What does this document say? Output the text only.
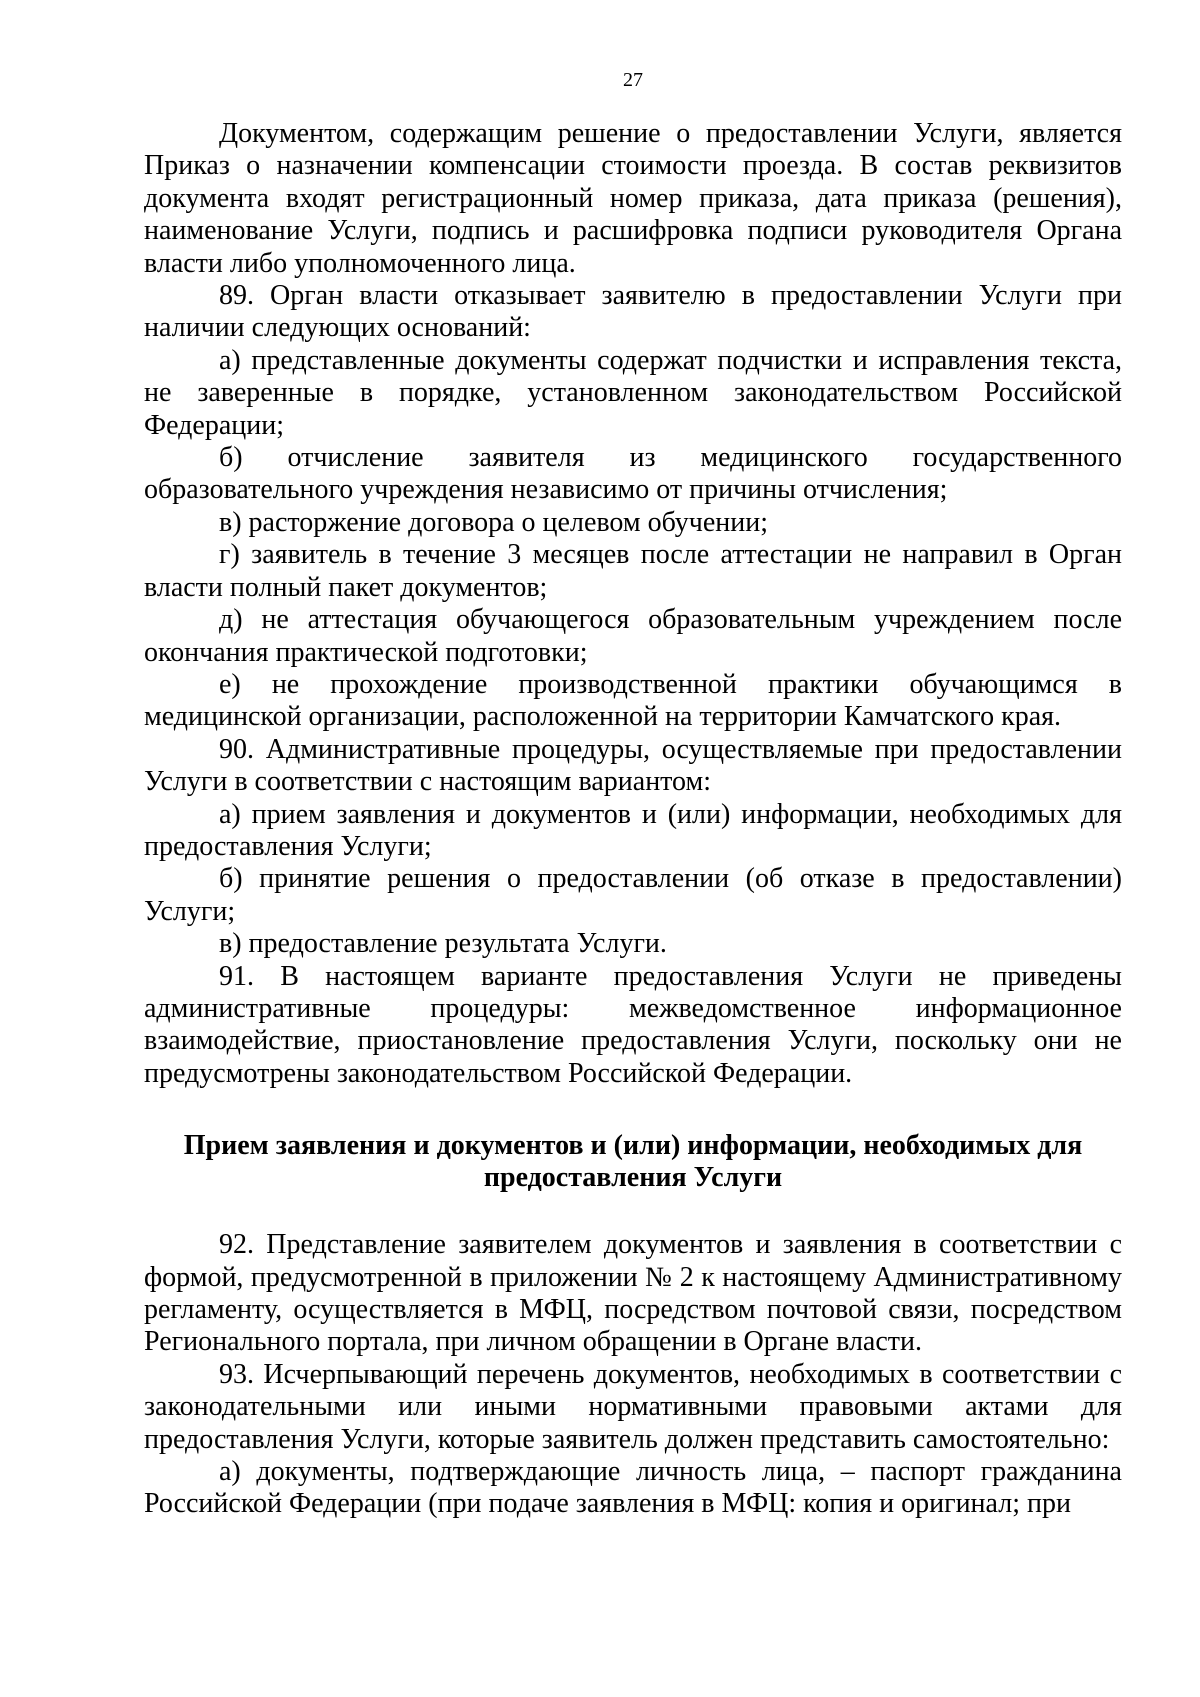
27

Документом, содержащим решение о предоставлении Услуги, является Приказ о назначении компенсации стоимости проезда. В состав реквизитов документа входят регистрационный номер приказа, дата приказа (решения), наименование Услуги, подпись и расшифровка подписи руководителя Органа власти либо уполномоченного лица.

89. Орган власти отказывает заявителю в предоставлении Услуги при наличии следующих оснований:

а) представленные документы содержат подчистки и исправления текста, не заверенные в порядке, установленном законодательством Российской Федерации;

б) отчисление заявителя из медицинского государственного образовательного учреждения независимо от причины отчисления;

в) расторжение договора о целевом обучении;

г) заявитель в течение 3 месяцев после аттестации не направил в Орган власти полный пакет документов;

д) не аттестация обучающегося образовательным учреждением после окончания практической подготовки;

е) не прохождение производственной практики обучающимся в медицинской организации, расположенной на территории Камчатского края.

90. Административные процедуры, осуществляемые при предоставлении Услуги в соответствии с настоящим вариантом:

а) прием заявления и документов и (или) информации, необходимых для предоставления Услуги;

б) принятие решения о предоставлении (об отказе в предоставлении) Услуги;

в) предоставление результата Услуги.

91. В настоящем варианте предоставления Услуги не приведены административные процедуры: межведомственное информационное взаимодействие, приостановление предоставления Услуги, поскольку они не предусмотрены законодательством Российской Федерации.

Прием заявления и документов и (или) информации, необходимых для
предоставления Услуги

92. Представление заявителем документов и заявления в соответствии с формой, предусмотренной в приложении № 2 к настоящему Административному регламенту, осуществляется в МФЦ, посредством почтовой связи, посредством Регионального портала, при личном обращении в Органе власти.

93. Исчерпывающий перечень документов, необходимых в соответствии с законодательными или иными нормативными правовыми актами для предоставления Услуги, которые заявитель должен представить самостоятельно:

а) документы, подтверждающие личность лица, – паспорт гражданина Российской Федерации (при подаче заявления в МФЦ: копия и оригинал; при
